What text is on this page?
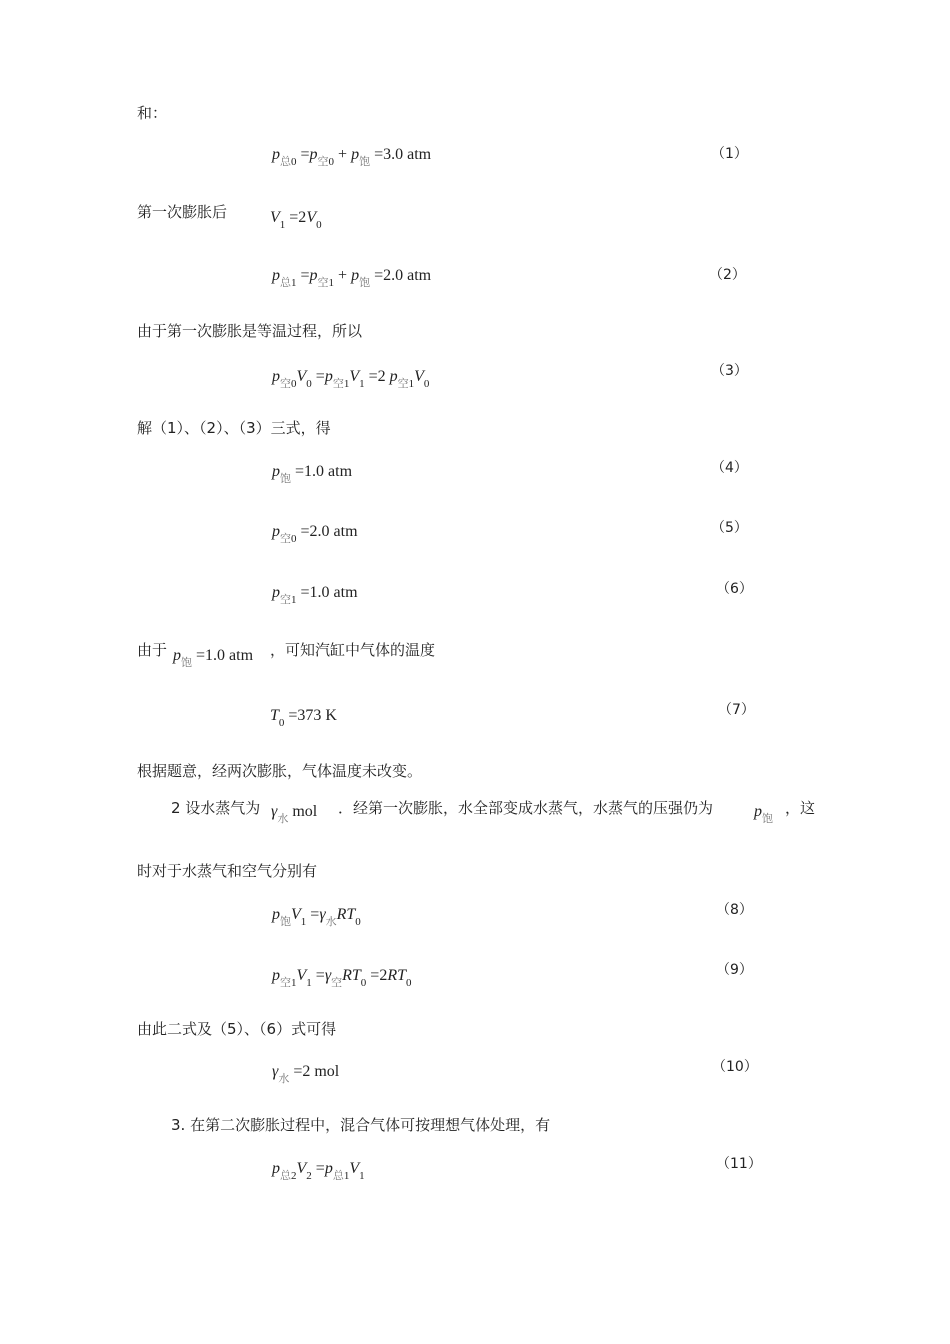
和：
$p_{总0} =p_{空0} + p_饱 =3.0$ atm	（1）
第一次膨胀后	$V_1 =2V_0$
$p_{总1} =p_{空1} + p_饱 =2.0$ atm	（2）
由于第一次膨胀是等温过程，所以
$p_{空0}V_0 =p_{空1}V_1 =2$ $p_{空1}V_0$
（3）
解（1）、（2）、（3）三式，得
$p_饱 =1.0$ atm	（4）
$p_{空0} =2.0$ atm	（5）
$p_{空1} =1.0$ atm	（6）
由于 $p_饱 =1.0$ atm ，可知汽缸中气体的温度
$T_0 =373$ K	（7）
根据题意，经两次膨胀，气体温度未改变。
2 设水蒸气为 $\gamma_水$ mol ．经第一次膨胀，水全部变成水蒸气，水蒸气的压强仍为	$p_饱$
，这
时对于水蒸气和空气分别有
$p_饱V_1 =\gamma_水RT_0$
（8）
$p_{空1}V_1 =\gamma_空RT_0 =2RT_0$
（9）
由此二式及（5）、（6）式可得
$\gamma_水 =2$ mol	（10）
3. 在第二次膨胀过程中，混合气体可按理想气体处理，有
$p_{总2}V_2 =p_{总1}V_1$
（11）
